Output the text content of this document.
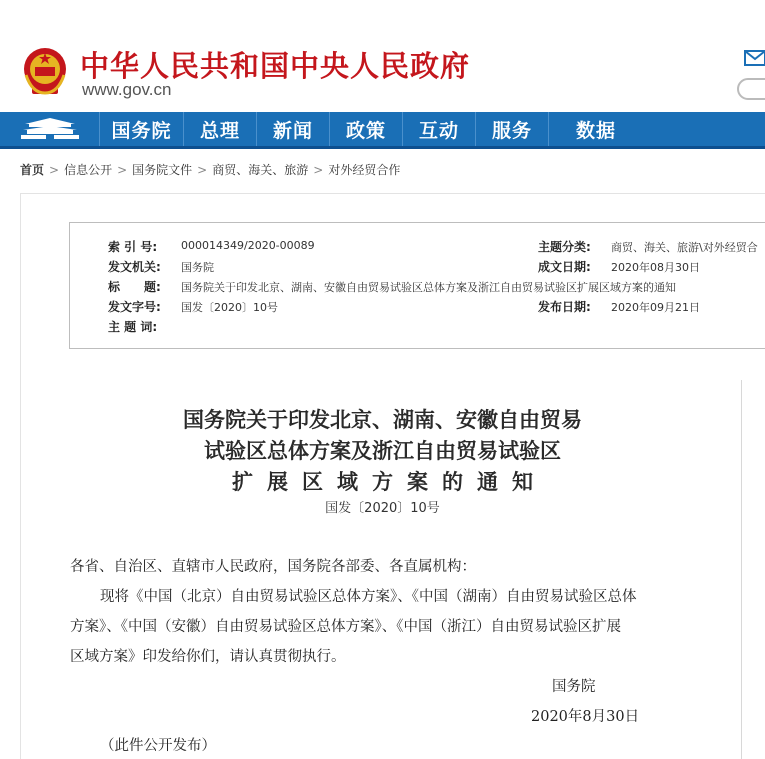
中华人民共和国中央人民政府
www.gov.cn
国务院	总理	新闻	政策	互动	服务	数据
首页 > 信息公开 > 国务院文件 > 商贸、海关、旅游 > 对外经贸合作
索 引 号: 000014349/2020-00089	主题分类: 商贸、海关、旅游\对外经贸合
发文机关: 国务院	成文日期: 2020年08月30日
标　　题: 国务院关于印发北京、湖南、安徽自由贸易试验区总体方案及浙江自由贸易试验区扩展区域方案的通知
发文字号: 国发〔2020〕10号	发布日期: 2020年09月21日
主 题 词:
国务院关于印发北京、湖南、安徽自由贸易
试验区总体方案及浙江自由贸易试验区
扩展区域方案的通知
国发〔2020〕10号
各省、自治区、直辖市人民政府，国务院各部委、各直属机构：
现将《中国（北京）自由贸易试验区总体方案》、《中国（湖南）自由贸易试验区总体
方案》、《中国（安徽）自由贸易试验区总体方案》、《中国（浙江）自由贸易试验区扩展
区域方案》印发给你们，请认真贯彻执行。
国务院
2020年8月30日
（此件公开发布）
